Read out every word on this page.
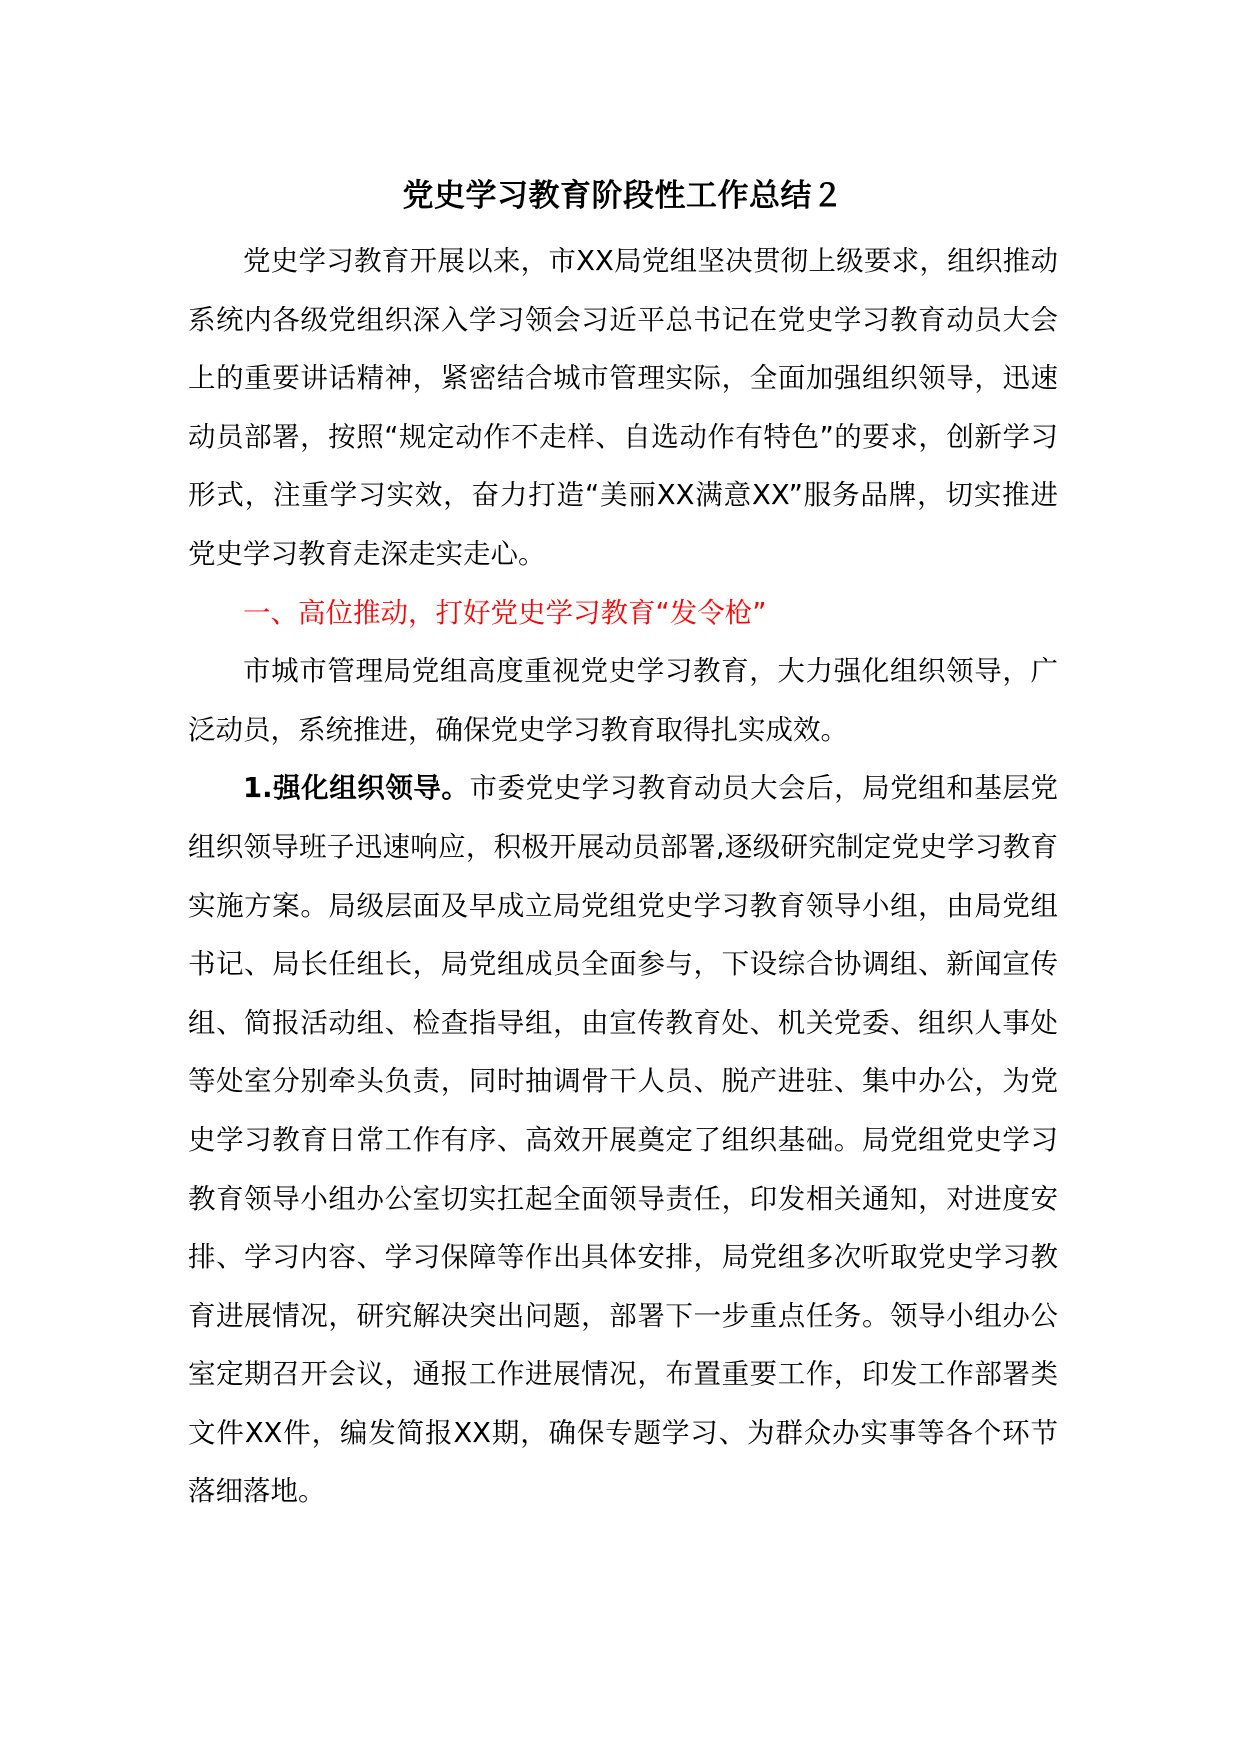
党史学习教育阶段性工作总结２

党史学习教育开展以来，市XX局党组坚决贯彻上级要求，组织推动系统内各级党组织深入学习领会习近平总书记在党史学习教育动员大会上的重要讲话精神，紧密结合城市管理实际，全面加强组织领导，迅速动员部署，按照“规定动作不走样、自选动作有特色”的要求，创新学习形式，注重学习实效，奋力打造“美丽XX满意XX”服务品牌，切实推进党史学习教育走深走实走心。

一、高位推动，打好党史学习教育“发令枪”

市城市管理局党组高度重视党史学习教育，大力强化组织领导，广泛动员，系统推进，确保党史学习教育取得扎实成效。

1.强化组织领导。市委党史学习教育动员大会后，局党组和基层党组织领导班子迅速响应，积极开展动员部署,逐级研究制定党史学习教育实施方案。局级层面及早成立局党组党史学习教育领导小组，由局党组书记、局长任组长，局党组成员全面参与，下设综合协调组、新闻宣传组、简报活动组、检查指导组，由宣传教育处、机关党委、组织人事处等处室分别牵头负责，同时抽调骨干人员、脱产进驻、集中办公，为党史学习教育日常工作有序、高效开展奠定了组织基础。局党组党史学习教育领导小组办公室切实扛起全面领导责任，印发相关通知，对进度安排、学习内容、学习保障等作出具体安排，局党组多次听取党史学习教育进展情况，研究解决突出问题，部署下一步重点任务。领导小组办公室定期召开会议，通报工作进展情况，布置重要工作，印发工作部署类文件XX件，编发简报XX期，确保专题学习、为群众办实事等各个环节落细落地。
